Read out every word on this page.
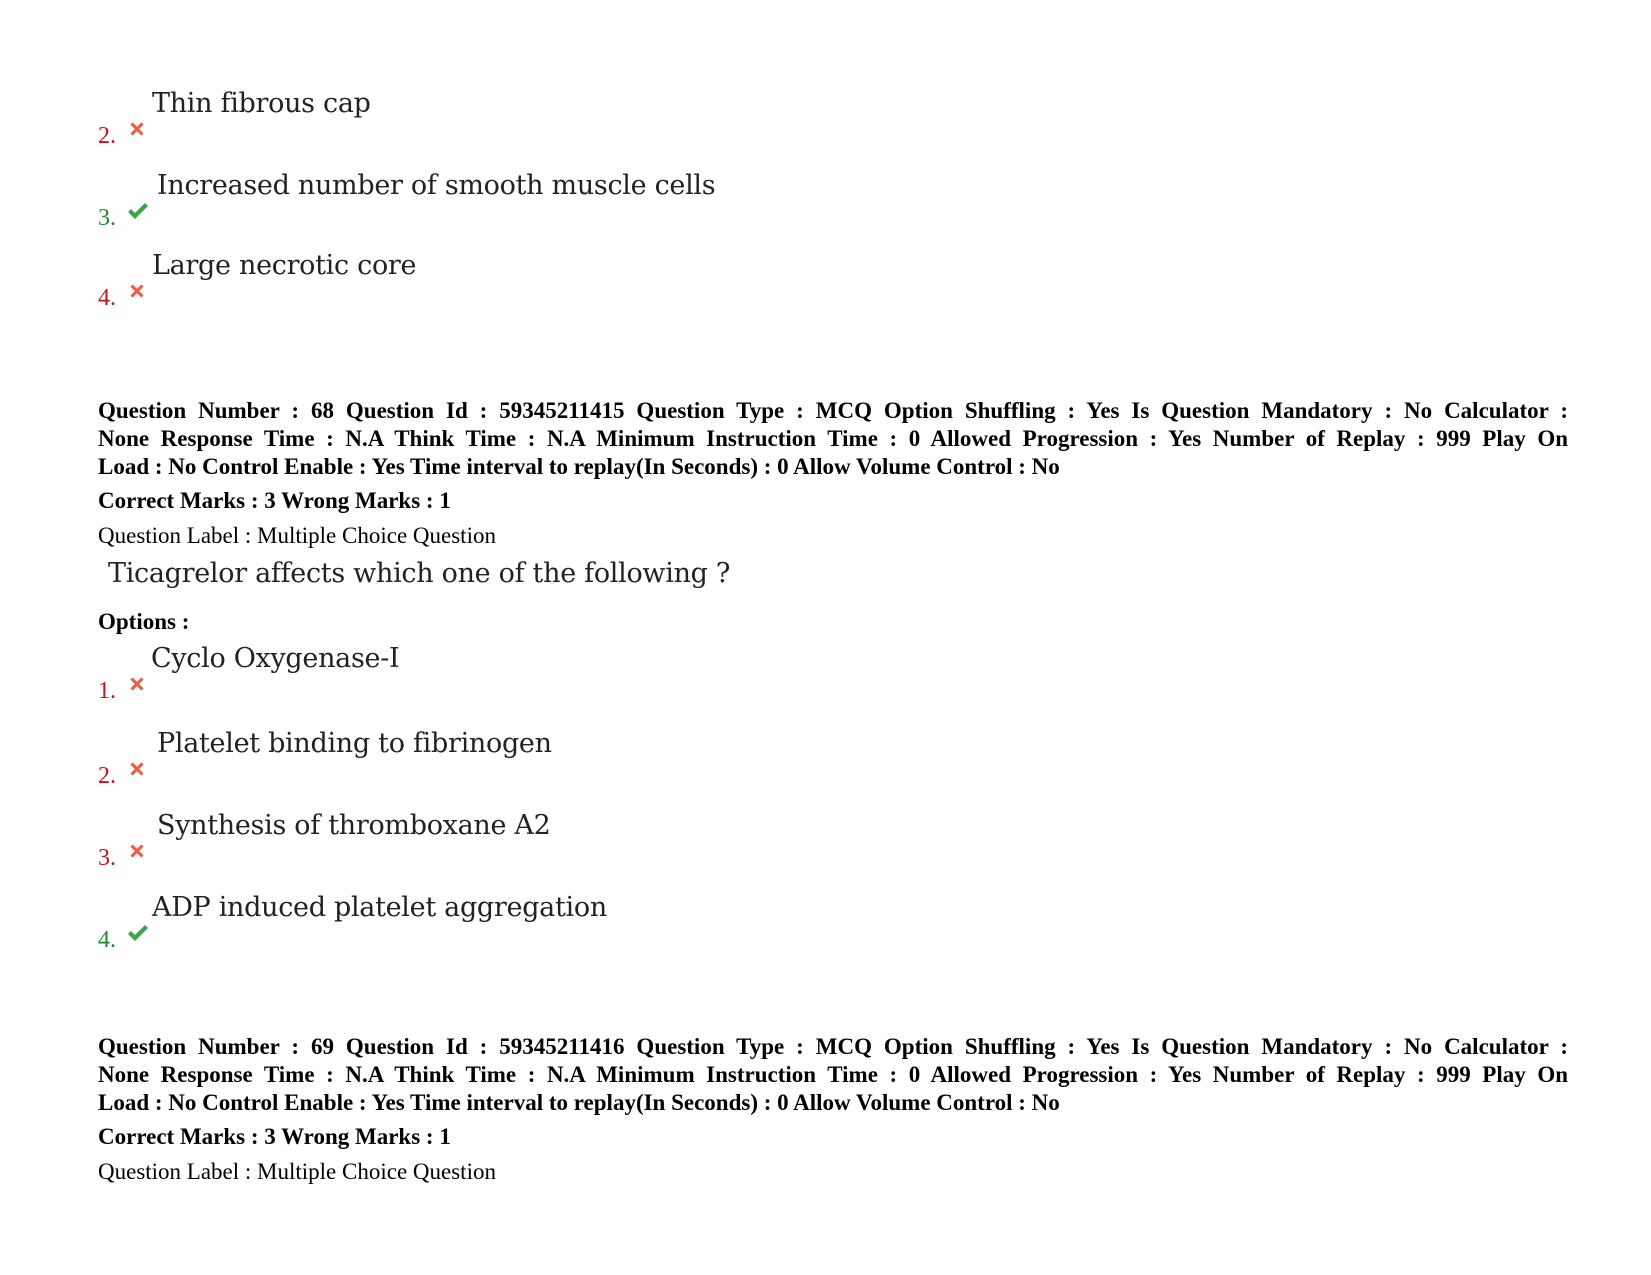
2.
Thin fibrous cap
3.
Increased number of smooth muscle cells
4.
Large necrotic core
Question Number : 68 Question Id : 59345211415 Question Type : MCQ Option Shuffling : Yes Is Question Mandatory : No Calculator :
None Response Time : N.A Think Time : N.A Minimum Instruction Time : 0 Allowed Progression : Yes Number of Replay : 999 Play On
Load : No Control Enable : Yes Time interval to replay(In Seconds) : 0 Allow Volume Control : No
Correct Marks : 3 Wrong Marks : 1
Question Label : Multiple Choice Question
Ticagrelor affects which one of the following ?
Options :
1.
Cyclo Oxygenase-I
2.
Platelet binding to fibrinogen
3.
Synthesis of thromboxane A2
4.
ADP induced platelet aggregation
Question Number : 69 Question Id : 59345211416 Question Type : MCQ Option Shuffling : Yes Is Question Mandatory : No Calculator :
None Response Time : N.A Think Time : N.A Minimum Instruction Time : 0 Allowed Progression : Yes Number of Replay : 999 Play On
Load : No Control Enable : Yes Time interval to replay(In Seconds) : 0 Allow Volume Control : No
Correct Marks : 3 Wrong Marks : 1
Question Label : Multiple Choice Question
